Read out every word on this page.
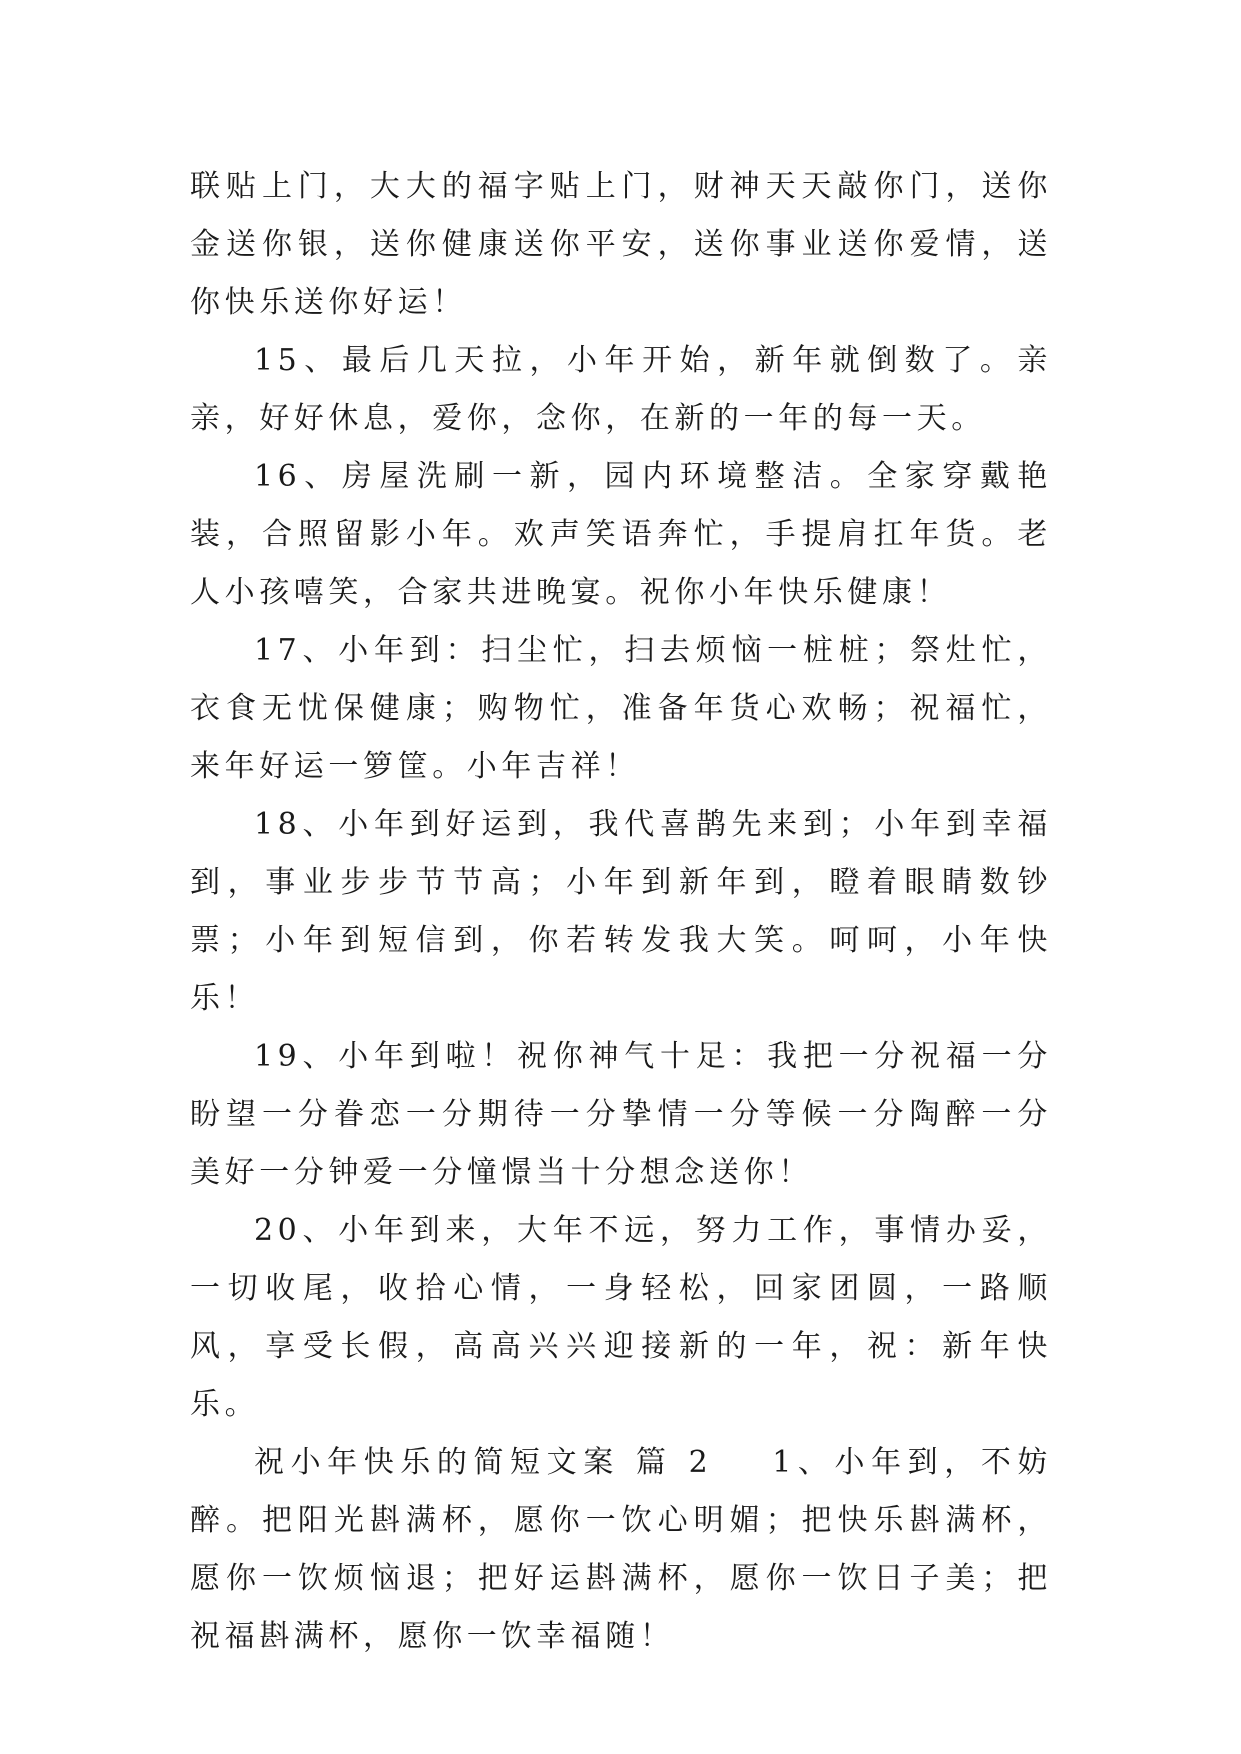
联贴上门，大大的福字贴上门，财神天天敲你门，送你金送你银，送你健康送你平安，送你事业送你爱情，送你快乐送你好运！

15、最后几天拉，小年开始，新年就倒数了。亲亲，好好休息，爱你，念你，在新的一年的每一天。

16、房屋洗刷一新，园内环境整洁。全家穿戴艳装，合照留影小年。欢声笑语奔忙，手提肩扛年货。老人小孩嘻笑，合家共进晚宴。祝你小年快乐健康！

17、小年到：扫尘忙，扫去烦恼一桩桩；祭灶忙，衣食无忧保健康；购物忙，准备年货心欢畅；祝福忙，来年好运一箩筐。小年吉祥！

18、小年到好运到，我代喜鹊先来到；小年到幸福到，事业步步节节高；小年到新年到，瞪着眼睛数钞票；小年到短信到，你若转发我大笑。呵呵，小年快乐！

19、小年到啦！祝你神气十足：我把一分祝福一分盼望一分眷恋一分期待一分挚情一分等候一分陶醉一分美好一分钟爱一分憧憬当十分想念送你！

20、小年到来，大年不远，努力工作，事情办妥，一切收尾，收拾心情，一身轻松，回家团圆，一路顺风，享受长假，高高兴兴迎接新的一年，祝：新年快乐。

祝小年快乐的简短文案 篇 2 1、小年到，不妨醉。把阳光斟满杯，愿你一饮心明媚；把快乐斟满杯，愿你一饮烦恼退；把好运斟满杯，愿你一饮日子美；把祝福斟满杯，愿你一饮幸福随！
